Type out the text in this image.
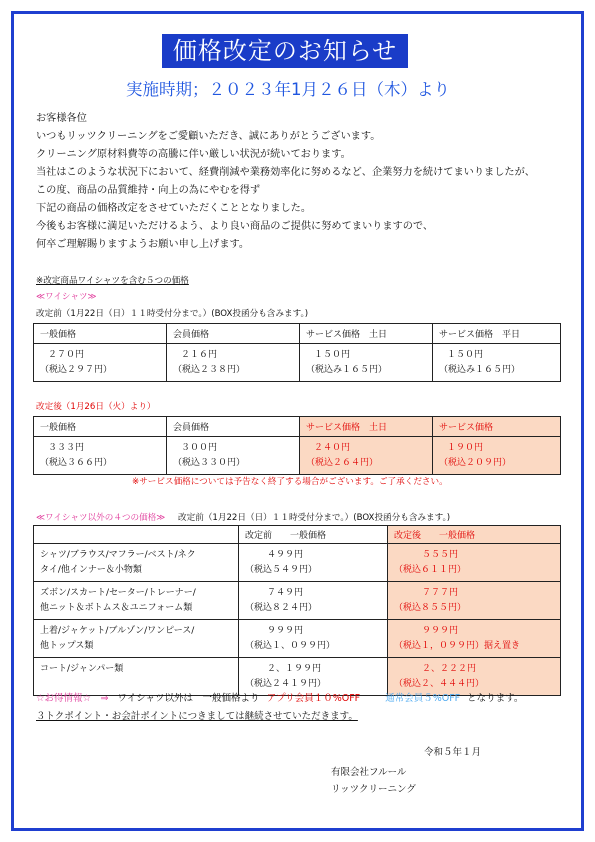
価格改定のお知らせ
実施時期；２０２３年1月２６日（木）より
お客様各位
いつもリッツクリーニングをご愛顧いただき、誠にありがとうございます。
クリーニング原材料費等の高騰に伴い厳しい状況が続いております。
当社はこのような状況下において、経費削減や業務効率化に努めるなど、企業努力を続けてまいりましたが、
この度、商品の品質維持・向上の為にやむを得ず
下記の商品の価格改定をさせていただくこととなりました。
今後もお客様に満足いただけるよう、より良い商品のご提供に努めてまいりますので、
何卒ご理解賜りますようお願い申し上げます。
※改定商品ワイシャツを含む５つの価格
≪ワイシャツ≫
改定前（1月22日（日）１１時受付分まで。）(BOX投函分も含みます。)
一般価格	会員価格	サービス価格　土日	サービス価格　平日

２７０円
（税込２９７円）	２１６円
（税込２３８円）	１５０円
（税込み１６５円）	１５０円
（税込み１６５円）
改定後（1月26日（火）より）
一般価格	会員価格	サービス価格　土日	サービス価格

３３３円
（税込３６６円）	３００円
（税込３３０円）	２４０円
（税込２６４円）	１９０円
（税込２０９円）
※サービス価格については予告なく終了する場合がございます。ご了承ください。
≪ワイシャツ以外の４つの価格≫ 改定前（1月22日（日）１１時受付分まで。）(BOX投函分も含みます。)
	改定前　　一般価格	改定後　　一般価格

シャツ/ブラウス/マフラー/ベスト/ネク
タイ/他インナー＆小物類	４９９円
（税込５４９円）	５５５円
（税込６１１円）

ズボン/スカート/セーター/トレーナー/
他ニット＆ボトムス＆ユニフォーム類	７４９円
（税込８２４円）	７７７円
（税込８５５円）

上着/ジャケット/ブルゾン/ワンピース/
他トップス類	９９９円
（税込１、０９９円）	９９９円
（税込１，０９９円）据え置き

コート/ジャンパー類	２、１９９円
（税込２４１９円）	２、２２２円
（税込２、４４４円）
☆お得情報☆　⇒ ワイシャツ以外は　一般価格より アプリ会員１０%OFF	通常会員５%OFF となります。
３トクポイント・お会計ポイントにつきましては継続させていただきます。
令和５年１月
有限会社フルール
リッツクリーニング
